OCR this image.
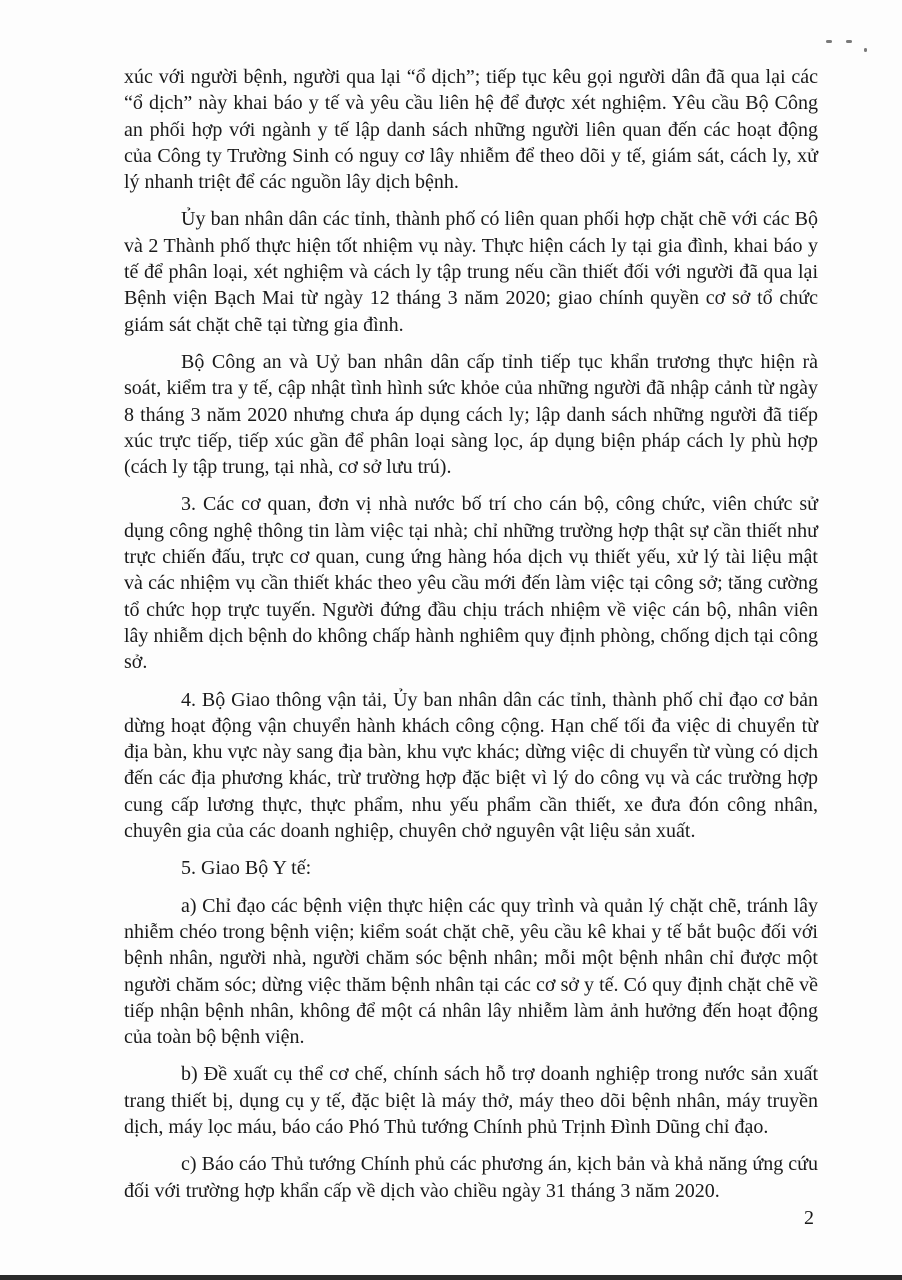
xúc với người bệnh, người qua lại “ổ dịch”; tiếp tục kêu gọi người dân đã qua lại các “ổ dịch” này khai báo y tế và yêu cầu liên hệ để được xét nghiệm. Yêu cầu Bộ Công an phối hợp với ngành y tế lập danh sách những người liên quan đến các hoạt động của Công ty Trường Sinh có nguy cơ lây nhiễm để theo dõi y tế, giám sát, cách ly, xử lý nhanh triệt để các nguồn lây dịch bệnh.

Ủy ban nhân dân các tỉnh, thành phố có liên quan phối hợp chặt chẽ với các Bộ và 2 Thành phố thực hiện tốt nhiệm vụ này. Thực hiện cách ly tại gia đình, khai báo y tế để phân loại, xét nghiệm và cách ly tập trung nếu cần thiết đối với người đã qua lại Bệnh viện Bạch Mai từ ngày 12 tháng 3 năm 2020; giao chính quyền cơ sở tổ chức giám sát chặt chẽ tại từng gia đình.

Bộ Công an và Uỷ ban nhân dân cấp tỉnh tiếp tục khẩn trương thực hiện rà soát, kiểm tra y tế, cập nhật tình hình sức khỏe của những người đã nhập cảnh từ ngày 8 tháng 3 năm 2020 nhưng chưa áp dụng cách ly; lập danh sách những người đã tiếp xúc trực tiếp, tiếp xúc gần để phân loại sàng lọc, áp dụng biện pháp cách ly phù hợp (cách ly tập trung, tại nhà, cơ sở lưu trú).

3. Các cơ quan, đơn vị nhà nước bố trí cho cán bộ, công chức, viên chức sử dụng công nghệ thông tin làm việc tại nhà; chỉ những trường hợp thật sự cần thiết như trực chiến đấu, trực cơ quan, cung ứng hàng hóa dịch vụ thiết yếu, xử lý tài liệu mật và các nhiệm vụ cần thiết khác theo yêu cầu mới đến làm việc tại công sở; tăng cường tổ chức họp trực tuyến. Người đứng đầu chịu trách nhiệm về việc cán bộ, nhân viên lây nhiễm dịch bệnh do không chấp hành nghiêm quy định phòng, chống dịch tại công sở.

4. Bộ Giao thông vận tải, Ủy ban nhân dân các tỉnh, thành phố chỉ đạo cơ bản dừng hoạt động vận chuyển hành khách công cộng. Hạn chế tối đa việc di chuyển từ địa bàn, khu vực này sang địa bàn, khu vực khác; dừng việc di chuyển từ vùng có dịch đến các địa phương khác, trừ trường hợp đặc biệt vì lý do công vụ và các trường hợp cung cấp lương thực, thực phẩm, nhu yếu phẩm cần thiết, xe đưa đón công nhân, chuyên gia của các doanh nghiệp, chuyên chở nguyên vật liệu sản xuất.

5. Giao Bộ Y tế:

a) Chỉ đạo các bệnh viện thực hiện các quy trình và quản lý chặt chẽ, tránh lây nhiễm chéo trong bệnh viện; kiểm soát chặt chẽ, yêu cầu kê khai y tế bắt buộc đối với bệnh nhân, người nhà, người chăm sóc bệnh nhân; mỗi một bệnh nhân chỉ được một người chăm sóc; dừng việc thăm bệnh nhân tại các cơ sở y tế. Có quy định chặt chẽ về tiếp nhận bệnh nhân, không để một cá nhân lây nhiễm làm ảnh hưởng đến hoạt động của toàn bộ bệnh viện.

b) Đề xuất cụ thể cơ chế, chính sách hỗ trợ doanh nghiệp trong nước sản xuất trang thiết bị, dụng cụ y tế, đặc biệt là máy thở, máy theo dõi bệnh nhân, máy truyền dịch, máy lọc máu, báo cáo Phó Thủ tướng Chính phủ Trịnh Đình Dũng chỉ đạo.

c) Báo cáo Thủ tướng Chính phủ các phương án, kịch bản và khả năng ứng cứu đối với trường hợp khẩn cấp về dịch vào chiều ngày 31 tháng 3 năm 2020.

2
